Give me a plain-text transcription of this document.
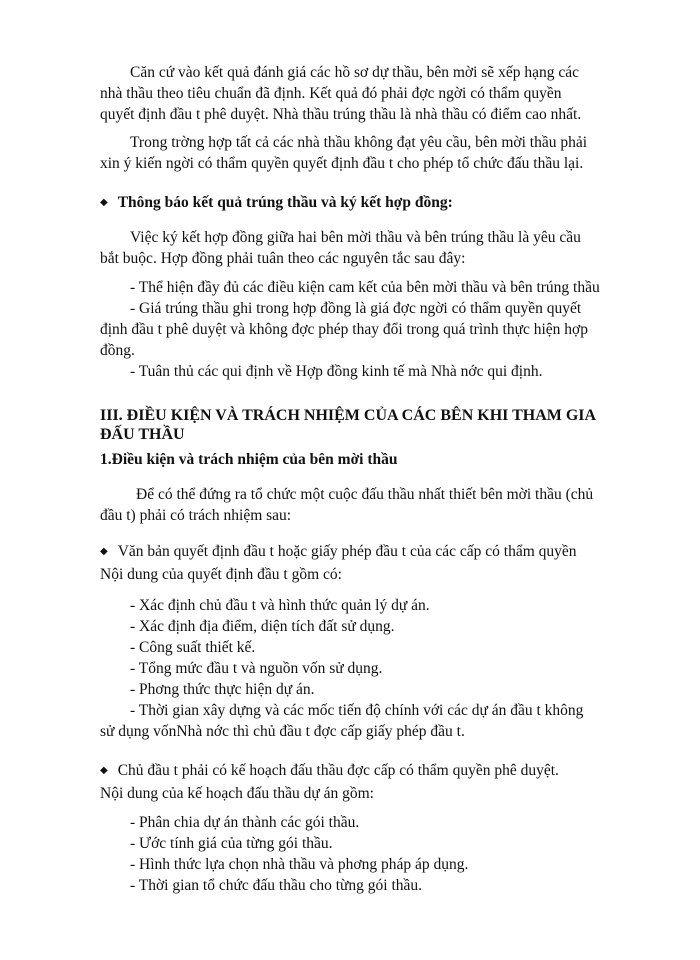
Căn cứ vào kết quả đánh giá các hồ sơ dự thầu, bên mời sẽ xếp hạng các
nhà thầu theo tiêu chuẩn đã định. Kết quả đó phải đợc ngời có thẩm quyền
quyết định đầu t phê duyệt. Nhà thầu trúng thầu là nhà thầu có điểm cao nhất.
Trong trờng hợp tất cả các nhà thầu không đạt yêu cầu, bên mời thầu phải
xin ý kiến ngời có thẩm quyền quyết định đầu t cho phép tổ chức đấu thầu lại.
◆ Thông báo kết quả trúng thầu và ký kết hợp đồng:
Việc ký kết hợp đồng giữa hai bên mời thầu và bên trúng thầu là yêu cầu
bắt buộc. Hợp đồng phải tuân theo các nguyên tắc sau đây:
- Thể hiện đầy đủ các điều kiện cam kết của bên mời thầu và bên trúng thầu
- Giá trúng thầu ghi trong hợp đồng là giá đợc ngời có thẩm quyền quyết
định đầu t phê duyệt và không đợc phép thay đổi trong quá trình thực hiện hợp
đồng.
- Tuân thủ các qui định về Hợp đồng kinh tế mà Nhà nớc qui định.
III. ĐIỀU KIỆN VÀ TRÁCH NHIỆM CỦA CÁC BÊN KHI THAM GIA
ĐẤU THẦU
1.Điều kiện và trách nhiệm của bên mời thầu
Để có thể đứng ra tổ chức một cuộc đấu thầu nhất thiết bên mời thầu (chủ
đầu t) phải có trách nhiệm sau:
◆ Văn bản quyết định đầu t hoặc giấy phép đầu t của các cấp có thẩm quyền
Nội dung của quyết định đầu t gồm có:
- Xác định chủ đầu t và hình thức quản lý dự án.
- Xác định địa điểm, diện tích đất sử dụng.
- Công suất thiết kế.
- Tổng mức đầu t và nguồn vốn sử dụng.
- Phơng thức thực hiện dự án.
- Thời gian xây dựng và các mốc tiến độ chính với các dự án đầu t không
sử dụng vốnNhà nớc thì chủ đầu t đợc cấp giấy phép đầu t.
◆ Chủ đầu t phải có kế hoạch đấu thầu đợc cấp có thẩm quyền phê duyệt.
Nội dung của kế hoạch đấu thầu dự án gồm:
- Phân chia dự án thành các gói thầu.
- Ước tính giá của từng gói thầu.
- Hình thức lựa chọn nhà thầu và phơng pháp áp dụng.
- Thời gian tổ chức đấu thầu cho từng gói thầu.
